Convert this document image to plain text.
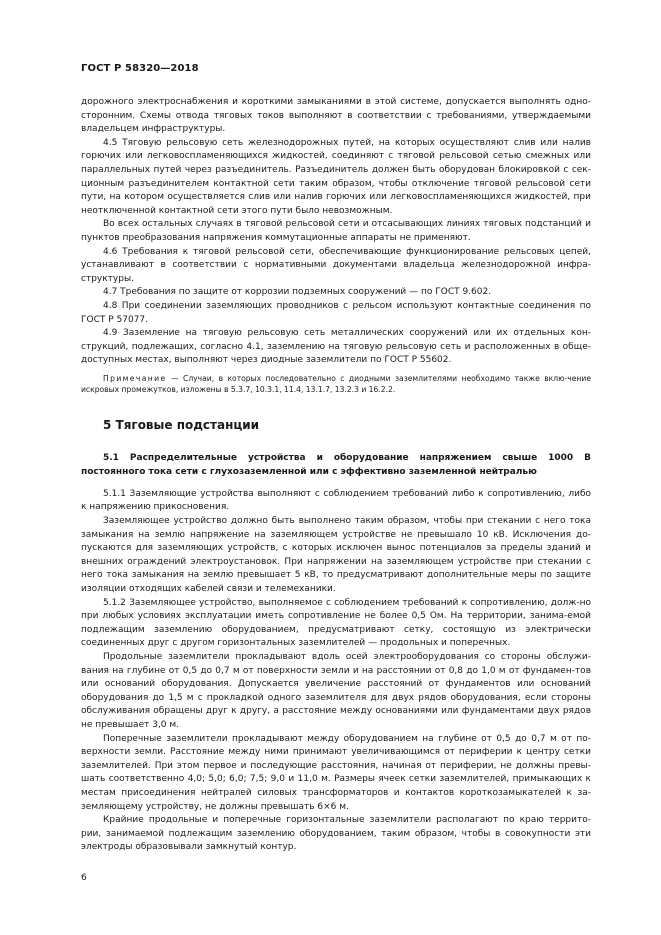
ГОСТ Р 58320—2018

дорожного электроснабжения и короткими замыканиями в этой системе, допускается выполнять одно-сторонним. Схемы отвода тяговых токов выполняют в соответствии с требованиями, утверждаемыми владельцем инфраструктуры.

4.5 Тяговую рельсовую сеть железнодорожных путей, на которых осуществляют слив или налив горючих или легковоспламеняющихся жидкостей, соединяют с тяговой рельсовой сетью смежных или параллельных путей через разъединитель. Разъединитель должен быть оборудован блокировкой с сек-ционным разъединителем контактной сети таким образом, чтобы отключение тяговой рельсовой сети пути, на котором осуществляется слив или налив горючих или легковоспламеняющихся жидкостей, при неотключенной контактной сети этого пути было невозможным.

Во всех остальных случаях в тяговой рельсовой сети и отсасывающих линиях тяговых подстанций и пунктов преобразования напряжения коммутационные аппараты не применяют.

4.6 Требования к тяговой рельсовой сети, обеспечивающие функционирование рельсовых цепей, устанавливают в соответствии с нормативными документами владельца железнодорожной инфра-структуры.

4.7 Требования по защите от коррозии подземных сооружений — по ГОСТ 9.602.

4.8 При соединении заземляющих проводников с рельсом используют контактные соединения по ГОСТ Р 57077.

4.9 Заземление на тяговую рельсовую сеть металлических сооружений или их отдельных кон-струкций, подлежащих, согласно 4.1, заземлению на тяговую рельсовую сеть и расположенных в обще-доступных местах, выполняют через диодные заземлители по ГОСТ Р 55602.

Примечание — Случаи, в которых последовательно с диодными заземлителями необходимо также вклю-чение искровых промежутков, изложены в 5.3.7, 10.3.1, 11.4, 13.1.7, 13.2.3 и 16.2.2.

5 Тяговые подстанции

5.1 Распределительные устройства и оборудование напряжением свыше 1000 В постоянного тока сети с глухозаземленной или с эффективно заземленной нейтралью

5.1.1 Заземляющие устройства выполняют с соблюдением требований либо к сопротивлению, либо к напряжению прикосновения.

Заземляющее устройство должно быть выполнено таким образом, чтобы при стекании с него тока замыкания на землю напряжение на заземляющем устройстве не превышало 10 кВ. Исключения до-пускаются для заземляющих устройств, с которых исключен вынос потенциалов за пределы зданий и внешних ограждений электроустановок. При напряжении на заземляющем устройстве при стекании с него тока замыкания на землю превышает 5 кВ, то предусматривают дополнительные меры по защите изоляции отходящих кабелей связи и телемеханики.

5.1.2 Заземляющее устройство, выполняемое с соблюдением требований к сопротивлению, долж-но при любых условиях эксплуатации иметь сопротивление не более 0,5 Ом. На территории, занима-емой подлежащим заземлению оборудованием, предусматривают сетку, состоящую из электрически соединенных друг с другом горизонтальных заземлителей — продольных и поперечных.

Продольные заземлители прокладывают вдоль осей электрооборудования со стороны обслужи-вания на глубине от 0,5 до 0,7 м от поверхности земли и на расстоянии от 0,8 до 1,0 м от фундамен-тов или оснований оборудования. Допускается увеличение расстояний от фундаментов или оснований оборудования до 1,5 м с прокладкой одного заземлителя для двух рядов оборудования, если стороны обслуживания обращены друг к другу, а расстояние между основаниями или фундаментами двух рядов не превышает 3,0 м.

Поперечные заземлители прокладывают между оборудованием на глубине от 0,5 до 0,7 м от по-верхности земли. Расстояние между ними принимают увеличивающимся от периферии к центру сетки заземлителей. При этом первое и последующие расстояния, начиная от периферии, не должны превы-шать соответственно 4,0; 5,0; 6,0; 7,5; 9,0 и 11,0 м. Размеры ячеек сетки заземлителей, примыкающих к местам присоединения нейтралей силовых трансформаторов и контактов короткозамыкателей к за-земляющему устройству, не должны превышать 6×6 м.

Крайние продольные и поперечные горизонтальные заземлители располагают по краю террито-рии, занимаемой подлежащим заземлению оборудованием, таким образом, чтобы в совокупности эти электроды образовывали замкнутый контур.

6
